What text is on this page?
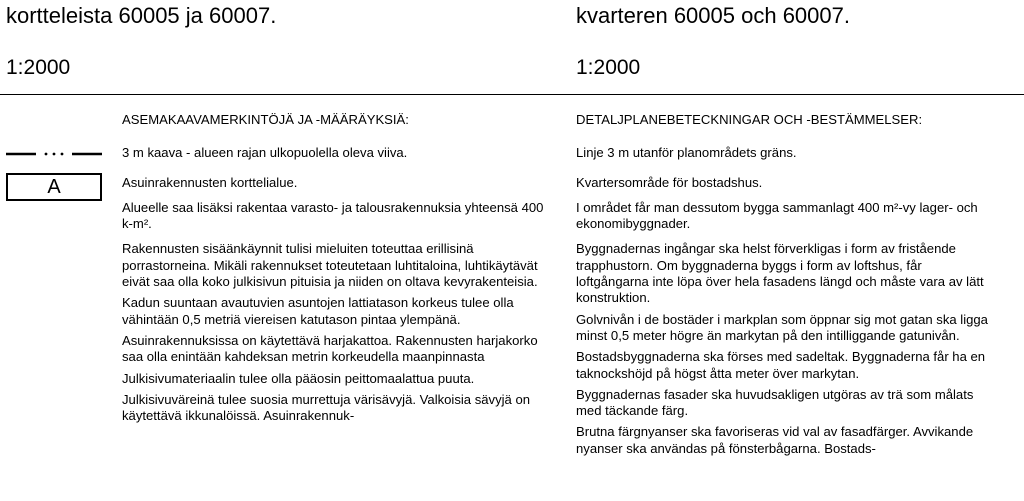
kortteleista 60005 ja 60007.	kvarteren 60005 och 60007.
1:2000	1:2000
A

ASEMAKAAVAMERKINTÖJÄ JA -MÄÄRÄYKSIÄ:

3 m kaava - alueen rajan ulkopuolella oleva viiva.

Asuinrakennusten korttelialue.

Alueelle saa lisäksi rakentaa varasto- ja talousrakennuksia yhteensä 400 k-m².

Rakennusten sisäänkäynnit tulisi mieluiten toteuttaa erillisinä porrastorneina. Mikäli rakennukset toteutetaan luhtitaloina, luhtikäytävät eivät saa olla koko julkisivun pituisia ja niiden on oltava kevyrakenteisia.

Kadun suuntaan avautuvien asuntojen lattiatason korkeus tulee olla vähintään 0,5 metriä viereisen katutason pintaa ylempänä.

Asuinrakennuksissa on käytettävä harjakattoa. Rakennusten harjakorko saa olla enintään kahdeksan metrin korkeudella maanpinnasta

Julkisivumateriaalin tulee olla pääosin peittomaalattua puuta.

Julkisivuväreinä tulee suosia murrettuja värisävyjä. Valkoisia sävyjä on käytettävä ikkunalöissä. Asuinrakennuk-

DETALJPLANEBETECKNINGAR OCH -BESTÄMMELSER:

Linje 3 m utanför planområdets gräns.

Kvartersområde för bostadshus.

I området får man dessutom bygga sammanlagt 400 m²-vy lager- och ekonomibyggnader.

Byggnadernas ingångar ska helst förverkligas i form av fristående trapphustorn. Om byggnaderna byggs i form av loftshus, får loftgångarna inte löpa över hela fasadens längd och måste vara av lätt konstruktion.

Golvnivån i de bostäder i markplan som öppnar sig mot gatan ska ligga minst 0,5 meter högre än markytan på den intilliggande gatunivån.

Bostadsbyggnaderna ska förses med sadeltak. Byggnaderna får ha en taknockshöjd på högst åtta meter över markytan.

Byggnadernas fasader ska huvudsakligen utgöras av trä som målats med täckande färg.

Brutna färgnyanser ska favoriseras vid val av fasadfärger. Avvikande nyanser ska användas på fönsterbågarna. Bostads-
